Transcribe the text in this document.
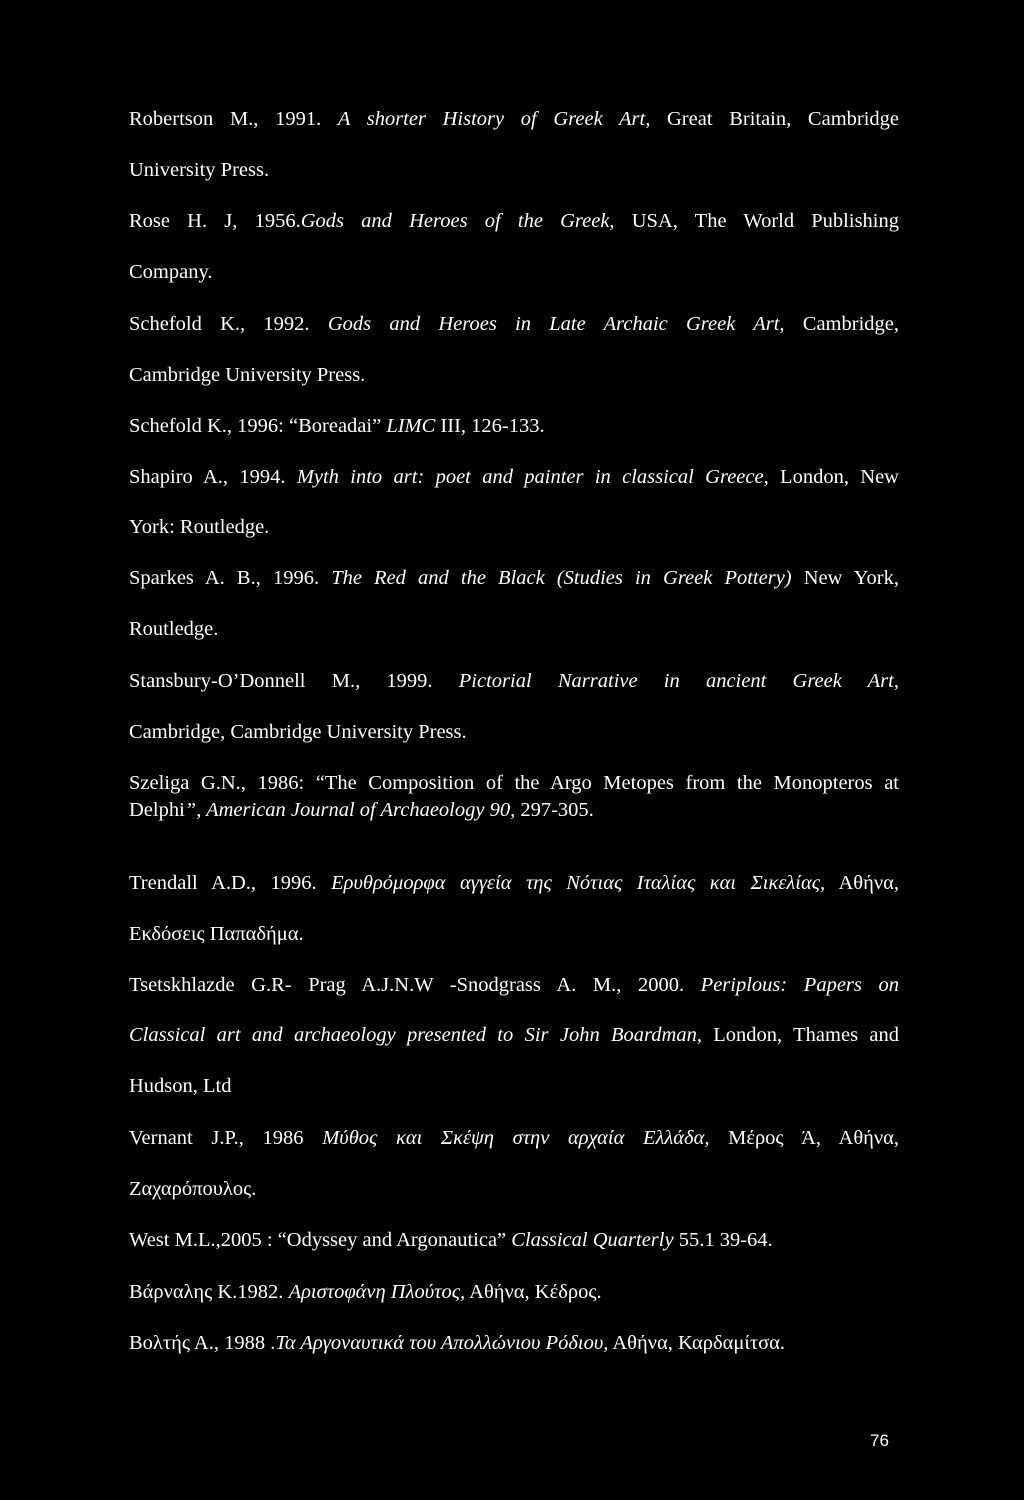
Robertson M., 1991. A shorter History of Greek Art, Great Britain, Cambridge
University Press.
Rose H. J, 1956.Gods and Heroes of the Greek, USA, The World Publishing
Company.
Schefold K., 1992. Gods and Heroes in Late Archaic Greek Art, Cambridge,
Cambridge University Press.
Schefold K., 1996: “Boreadai” LIMC III, 126-133.
Shapiro A., 1994. Myth into art: poet and painter in classical Greece, London, New
York: Routledge.
Sparkes A. B., 1996. The Red and the Black (Studies in Greek Pottery) New York,
Routledge.
Stansbury-O’Donnell M., 1999. Pictorial Narrative in ancient Greek Art,
Cambridge, Cambridge University Press.
Szeliga G.N., 1986: “The Composition of the Argo Metopes from the Monopteros at
Delphi”, American Journal of Archaeology 90, 297-305.
Trendall A.D., 1996. Ερυθρόμορφα αγγεία της Νότιας Ιταλίας και Σικελίας, Αθήνα,
Εκδόσεις Παπαδήμα.
Tsetskhlazde G.R- Prag A.J.N.W -Snodgrass A. M., 2000. Periplous: Papers on
Classical art and archaeology presented to Sir John Boardman, London, Thames and
Hudson, Ltd
Vernant J.P., 1986 Μύθος και Σκέψη στην αρχαία Ελλάδα, Μέρος Ά, Αθήνα,
Ζαχαρόπουλος.
West M.L.,2005 : “Odyssey and Argonautica” Classical Quarterly 55.1 39-64.
Βάρναλης Κ.1982. Αριστοφάνη Πλούτος, Αθήνα, Κέδρος.
Βολτής Α., 1988 .Τα Αργοναυτικά του Απολλώνιου Ρόδιου, Αθήνα, Καρδαμίτσα.
76
